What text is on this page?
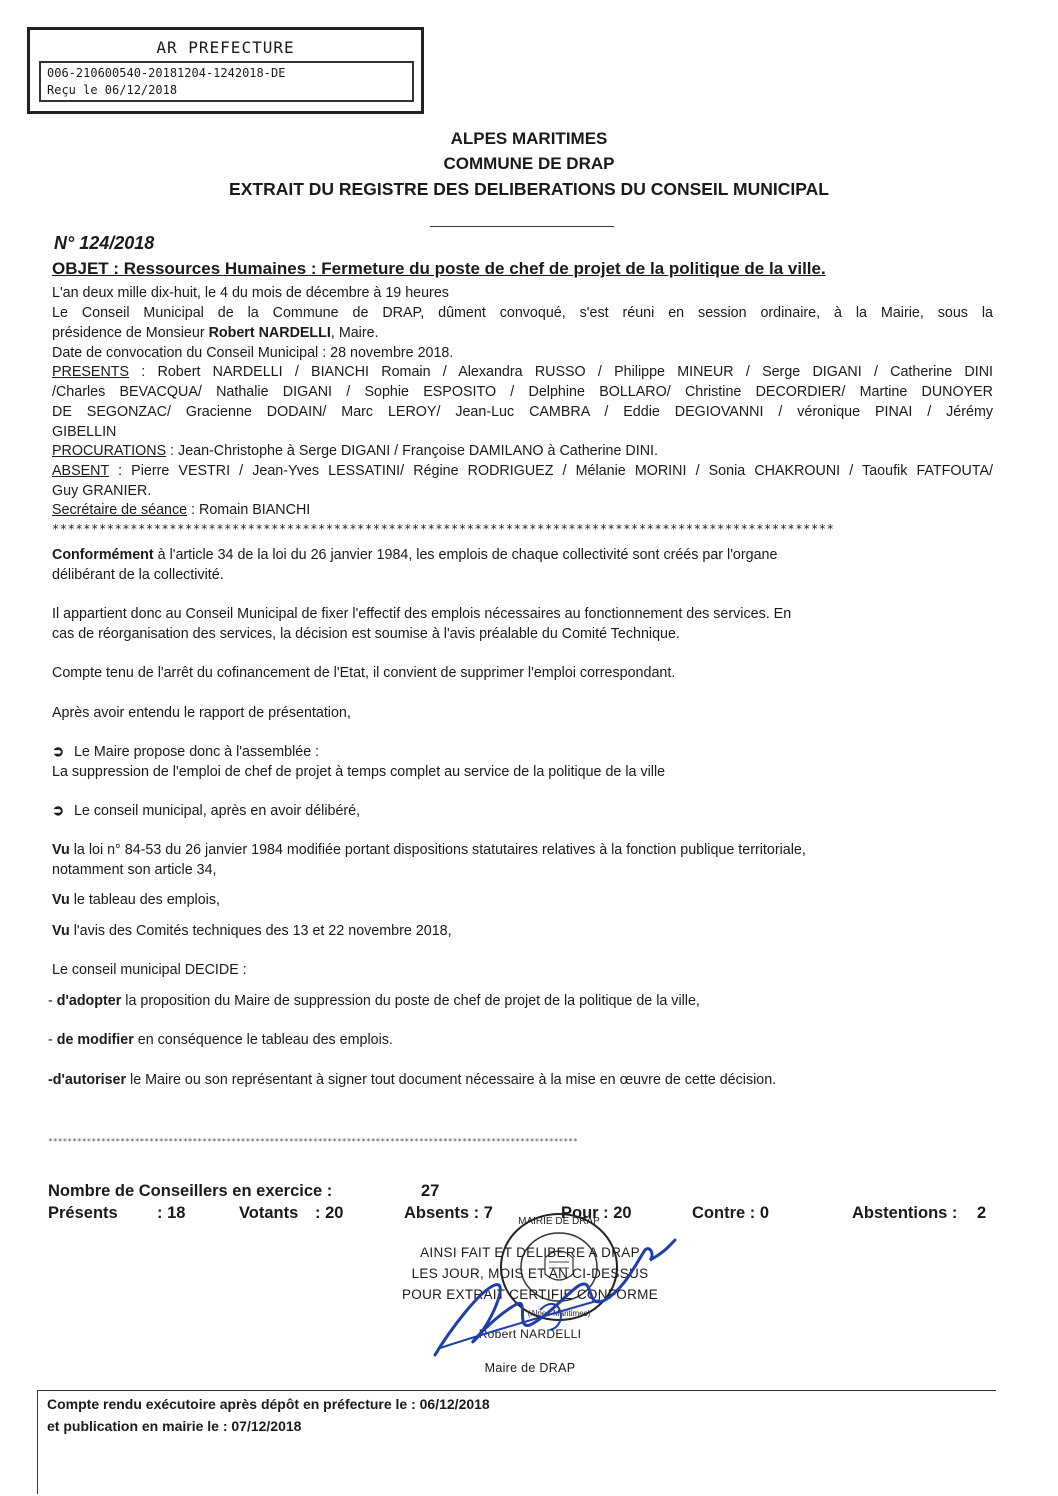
AR PREFECTURE
006-210600540-20181204-1242018-DE
Reçu le 06/12/2018
ALPES MARITIMES
COMMUNE DE DRAP
EXTRAIT DU REGISTRE DES DELIBERATIONS DU CONSEIL MUNICIPAL
N° 124/2018
OBJET : Ressources Humaines : Fermeture du poste de chef de projet de la politique de la ville.
L'an deux mille dix-huit, le 4 du mois de décembre à 19 heures
Le Conseil Municipal de la Commune de DRAP, dûment convoqué, s'est réuni en session ordinaire, à la Mairie, sous la
présidence de Monsieur Robert NARDELLI, Maire.
Date de convocation du Conseil Municipal : 28 novembre 2018.
PRESENTS : Robert NARDELLI / BIANCHI Romain / Alexandra RUSSO / Philippe MINEUR / Serge DIGANI / Catherine DINI
/Charles BEVACQUA/ Nathalie DIGANI / Sophie ESPOSITO / Delphine BOLLARO/ Christine DECORDIER/ Martine DUNOYER
DE SEGONZAC/ Gracienne DODAIN/ Marc LEROY/ Jean-Luc CAMBRA / Eddie DEGIOVANNI / véronique PINAI / Jérémy
GIBELLIN
PROCURATIONS : Jean-Christophe à Serge DIGANI / Françoise DAMILANO à Catherine DINI.
ABSENT : Pierre VESTRI / Jean-Yves LESSATINI/ Régine RODRIGUEZ / Mélanie MORINI / Sonia CHAKROUNI / Taoufik FATFOUTA/
Guy GRANIER.
Secrétaire de séance : Romain BIANCHI
****************************************************************************************************
Conformément à l'article 34 de la loi du 26 janvier 1984, les emplois de chaque collectivité sont créés par l'organe
délibérant de la collectivité.
Il appartient donc au Conseil Municipal de fixer l'effectif des emplois nécessaires au fonctionnement des services. En
cas de réorganisation des services, la décision est soumise à l'avis préalable du Comité Technique.
Compte tenu de l'arrêt du cofinancement de l'Etat, il convient de supprimer l'emploi correspondant.
Après avoir entendu le rapport de présentation,
➲ Le Maire propose donc à l'assemblée :
La suppression de l'emploi de chef de projet à temps complet au service de la politique de la ville
➲ Le conseil municipal, après en avoir délibéré,
Vu la loi n° 84-53 du 26 janvier 1984 modifiée portant dispositions statutaires relatives à la fonction publique territoriale,
notamment son article 34,
Vu le tableau des emplois,
Vu l'avis des Comités techniques des 13 et 22 novembre 2018,
Le conseil municipal DECIDE :
- d'adopter la proposition du Maire de suppression du poste de chef de projet de la politique de la ville,
- de modifier en conséquence le tableau des emplois.
-d'autoriser le Maire ou son représentant à signer tout document nécessaire à la mise en œuvre de cette décision.
**************************************************************************************************************
Nombre de Conseillers en exercice :	27
Présents : 18	Votants : 20	Absents : 7	Pour : 20	Contre : 0	Abstentions : 2
MAIRIE DE DRAP
(Alpes-Maritimes)
AINSI FAIT ET DELIBERE A DRAP
LES JOUR, MOIS ET AN CI-DESSUS
POUR EXTRAIT CERTIFIE CONFORME
Robert NARDELLI
Maire de DRAP
Compte rendu exécutoire après dépôt en préfecture le : 06/12/2018
et publication en mairie le : 07/12/2018
